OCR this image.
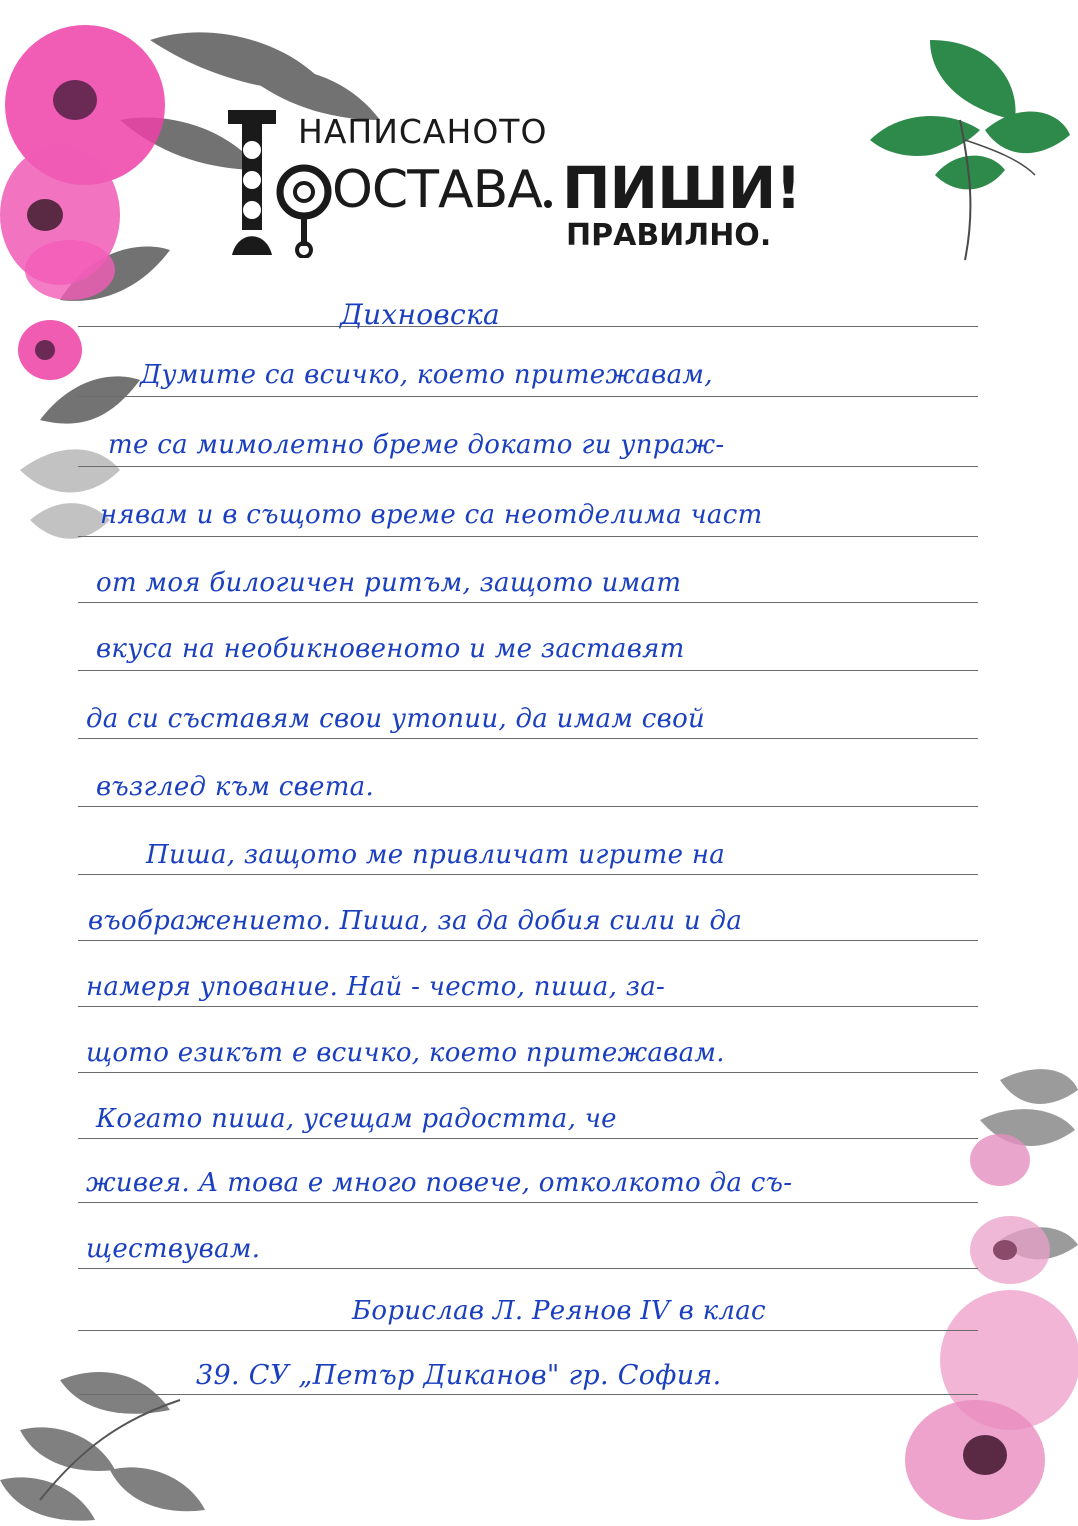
НАПИСАНОТО
ОСТАВА ПИШИ!
ПРАВИЛНО.
Дихновска
Думите са всичко, което притежавам,
те са мимолетно бреме докато ги упраж-
нявам и в същото време са неотделима част
от моя билогичен ритъм, защото имат
вкуса на необикновеното и ме заставят
да си съставям свои утопии, да имам свой
възглед към света.
Пиша, защото ме привличат игрите на
въображението. Пиша, за да добия сили и да
намеря упование. Най - често, пиша, за-
щото езикът е всичко, което притежавам.
Когато пиша, усещам радостта, че
живея. А това е много повече, отколкото да съ-
ществувам.
Борислав Л. Реянов IV в клас
39. СУ „Петър Диканов" гр. София.
